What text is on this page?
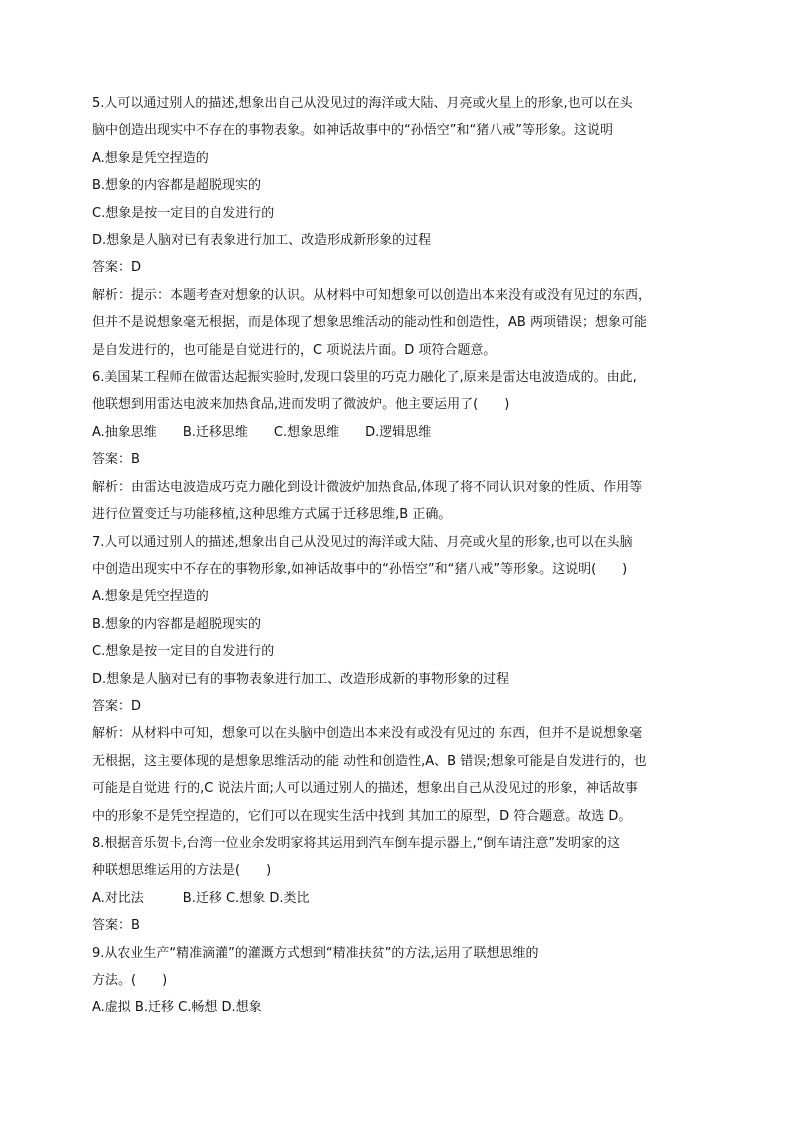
5.人可以通过别人的描述,想象出自己从没见过的海洋或大陆、月亮或火星上的形象,也可以在头
脑中创造出现实中不存在的事物表象。如神话故事中的“孙悟空”和“猪八戒”等形象。这说明
A.想象是凭空捏造的
B.想象的内容都是超脱现实的
C.想象是按一定目的自发进行的
D.想象是人脑对已有表象进行加工、改造形成新形象的过程
答案：D
解析：提示：本题考查对想象的认识。从材料中可知想象可以创造出本来没有或没有见过的东西，
但并不是说想象毫无根据，而是体现了想象思维活动的能动性和创造性，AB 两项错误；想象可能
是自发进行的，也可能是自觉进行的，C 项说法片面。D 项符合题意。
6.美国某工程师在做雷达起振实验时,发现口袋里的巧克力融化了,原来是雷达电波造成的。由此,
他联想到用雷达电波来加热食品,进而发明了微波炉。他主要运用了(　　)
A.抽象思维 B.迁移思维 C.想象思维 D.逻辑思维
答案：B
解析：由雷达电波造成巧克力融化到设计微波炉加热食品,体现了将不同认识对象的性质、作用等
进行位置变迁与功能移植,这种思维方式属于迁移思维,B 正确。
7.人可以通过别人的描述,想象出自己从没见过的海洋或大陆、月亮或火星的形象,也可以在头脑
中创造出现实中不存在的事物形象,如神话故事中的“孙悟空”和“猪八戒”等形象。这说明(　　)
A.想象是凭空捏造的
B.想象的内容都是超脱现实的
C.想象是按一定目的自发进行的
D.想象是人脑对已有的事物表象进行加工、改造形成新的事物形象的过程
答案：D
解析：从材料中可知，想象可以在头脑中创造出本来没有或没有见过的 东西，但并不是说想象毫
无根据，这主要体现的是想象思维活动的能 动性和创造性,A、B 错误;想象可能是自发进行的，也
可能是自觉进 行的,C 说法片面;人可以通过别人的描述，想象出自己从没见过的形象，神话故事
中的形象不是凭空捏造的，它们可以在现实生活中找到 其加工的原型，D 符合题意。故选 D。
8.根据音乐贺卡,台湾一位业余发明家将其运用到汽车倒车提示器上,“倒车请注意”发明家的这
种联想思维运用的方法是(　　)
A.对比法　　　B.迁移 C.想象 D.类比
答案：B
9.从农业生产“精准滴灌”的灌溉方式想到“精准扶贫”的方法,运用了联想思维的
方法。(　　)
A.虚拟 B.迁移 C.畅想 D.想象
